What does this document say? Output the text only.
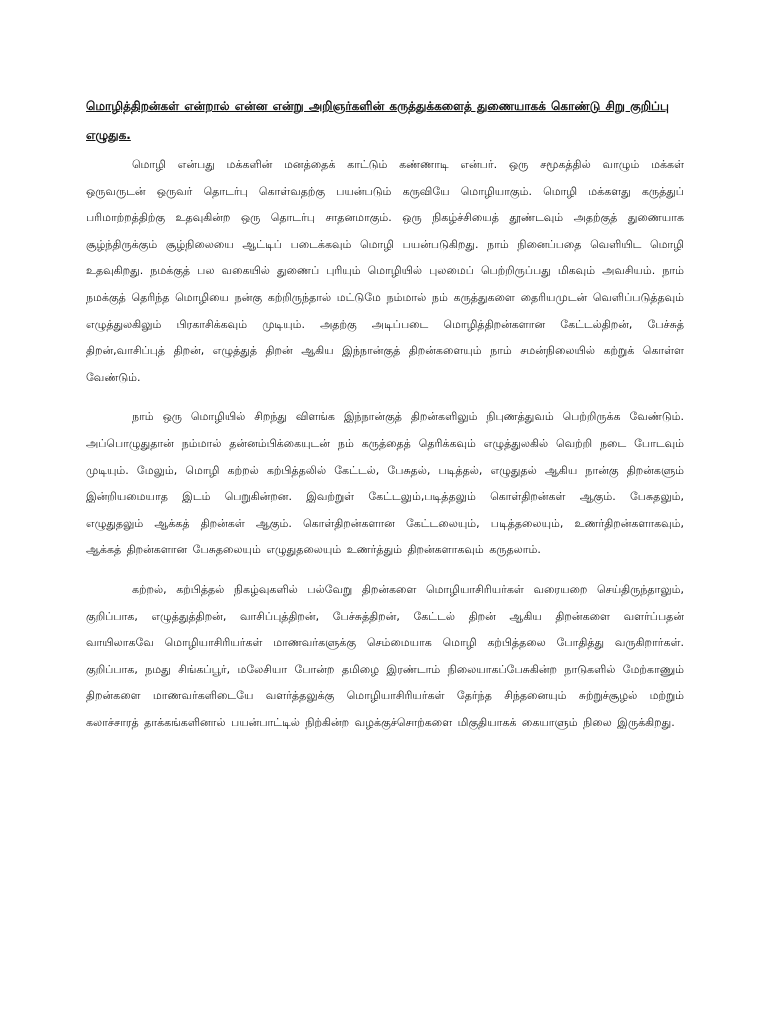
மொழித்திறன்கள் என்றால் என்ன என்று அறிஞர்களின் கருத்துக்களைத் துணையாகக் கொண்டு சிறு குறிப்பு எழுதுக.

மொழி என்பது மக்களின் மனத்தைக் காட்டும் கண்ணாடி என்பர். ஒரு சமூகத்தில் வாழும் மக்கள் ஒருவருடன் ஒருவர் தொடர்பு கொள்வதற்கு பயன்படும் கருவியே மொழியாகும். மொழி மக்களது கருத்துப் பரிமாற்றத்திற்கு உதவுகின்ற ஒரு தொடர்பு சாதனமாகும். ஒரு நிகழ்ச்சியைத் தூண்டவும் அதற்குத் துணையாக சூழ்ந்திருக்கும் சூழ்நிலையை ஆட்டிப் படைக்கவும் மொழி பயன்படுகிறது. நாம் நினைப்பதை வெளியிட மொழி உதவுகிறது. நமக்குத் பல வகையில் துணைப் புரியும் மொழியில் புலமைப் பெற்றிருப்பது மிகவும் அவசியம். நாம் நமக்குத் தெரிந்த மொழியை நன்கு கற்றிருந்தால் மட்டுமே நம்மால் நம் கருத்துகளை தைரியமுடன் வெளிப்படுத்தவும் எழுத்துலகிலும் பிரகாசிக்கவும் முடியும். அதற்கு அடிப்படை மொழித்திறன்களான கேட்டல்திறன், பேச்சுத் திறன்,வாசிப்புத் திறன், எழுத்துத் திறன் ஆகிய இந்நான்குத் திறன்களையும் நாம் சமன்நிலையில் கற்றுக் கொள்ள வேண்டும்.

நாம் ஒரு மொழியில் சிறந்து விளங்க இந்நான்குத் திறன்களிலும் நிபுணத்துவம் பெற்றிருக்க வேண்டும். அப்பொழுதுதான் நம்மால் தன்னம்பிக்கையுடன் நம் கருத்தைத் தெரிக்கவும் எழுத்துலகில் வெற்றி நடை போடவும் முடியும். மேலும், மொழி கற்றல் கற்பித்தலில் கேட்டல், பேசுதல், படித்தல், எழுதுதல் ஆகிய நான்கு திறன்களும் இன்றியமையாத இடம் பெறுகின்றன. இவற்றுள் கேட்டலும்,படித்தலும் கொள்திறன்கள் ஆகும். பேசுதலும், எழுதுதலும் ஆக்கத் திறன்கள் ஆகும். கொள்திறன்களான கேட்டலையும், படித்தலையும், உணர்திறன்களாகவும், ஆக்கத் திறன்களான பேசுதலையும் எழுதுதலையும் உணர்த்தும் திறன்களாகவும் கருதலாம்.

கற்றல், கற்பித்தல் நிகழ்வுகளில் பல்வேறு திறன்களை மொழியாசிரியர்கள் வரையறை செய்திருந்தாலும், குறிப்பாக, எழுத்துத்திறன், வாசிப்புத்திறன், பேச்சுத்திறன், கேட்டல் திறன் ஆகிய திறன்களை வளர்ப்பதன் வாயிலாகவே மொழியாசிரியர்கள் மாணவர்களுக்கு செம்மையாக மொழி கற்பித்தலை போதித்து வருகிறார்கள். குறிப்பாக, நமது சிங்கப்பூர், மலேசியா போன்ற தமிழை இரண்டாம் நிலையாகப்பேசுகின்ற நாடுகளில் மேற்காணும் திறன்களை மாணவர்களிடையே வளர்த்தலுக்கு மொழியாசிரியர்கள் தேர்ந்த சிந்தனையும் சுற்றுச்சூழல் மற்றும் கலாச்சாரத் தாக்கங்களினால் பயன்பாட்டில் நிற்கின்ற வழக்குச்சொற்களை மிகுதியாகக் கையாளும் நிலை இருக்கிறது.
